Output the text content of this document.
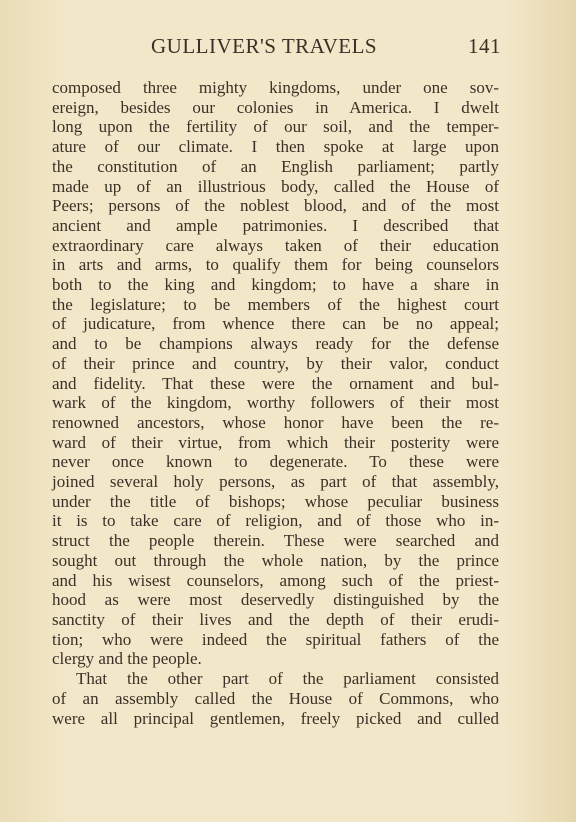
GULLIVER'S TRAVELS	141
composed three mighty kingdoms, under one sov-
ereign, besides our colonies in America. I dwelt
long upon the fertility of our soil, and the temper-
ature of our climate. I then spoke at large upon
the constitution of an English parliament; partly
made up of an illustrious body, called the House of
Peers; persons of the noblest blood, and of the most
ancient and ample patrimonies. I described that
extraordinary care always taken of their education
in arts and arms, to qualify them for being counselors
both to the king and kingdom; to have a share in
the legislature; to be members of the highest court
of judicature, from whence there can be no appeal;
and to be champions always ready for the defense
of their prince and country, by their valor, conduct
and fidelity. That these were the ornament and bul-
wark of the kingdom, worthy followers of their most
renowned ancestors, whose honor have been the re-
ward of their virtue, from which their posterity were
never once known to degenerate. To these were
joined several holy persons, as part of that assembly,
under the title of bishops; whose peculiar business
it is to take care of religion, and of those who in-
struct the people therein. These were searched and
sought out through the whole nation, by the prince
and his wisest counselors, among such of the priest-
hood as were most deservedly distinguished by the
sanctity of their lives and the depth of their erudi-
tion; who were indeed the spiritual fathers of the
clergy and the people.
That the other part of the parliament consisted
of an assembly called the House of Commons, who
were all principal gentlemen, freely picked and culled
